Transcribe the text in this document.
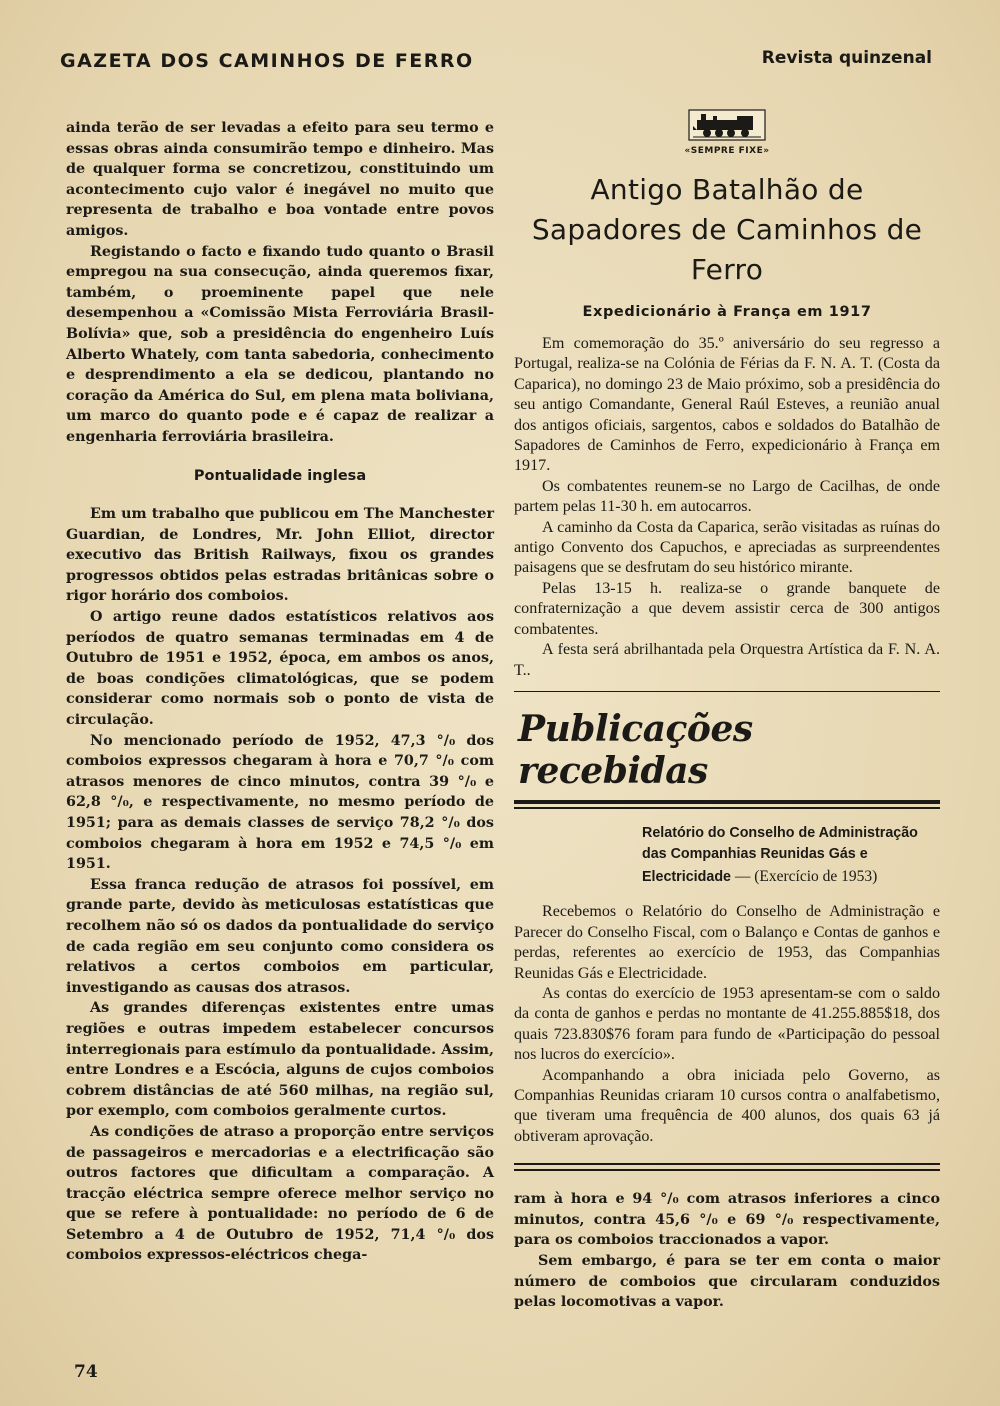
GAZETA DOS CAMINHOS DE FERRO	Revista quinzenal

ainda terão de ser levadas a efeito para seu termo e essas obras ainda consumirão tempo e dinheiro. Mas de qualquer forma se concretizou, constituindo um acontecimento cujo valor é inegável no muito que representa de trabalho e boa vontade entre povos amigos.

Registando o facto e fixando tudo quanto o Brasil empregou na sua consecução, ainda queremos fixar, também, o proeminente papel que nele desempenhou a «Comissão Mista Ferroviária Brasil-Bolívia» que, sob a presidência do engenheiro Luís Alberto Whately, com tanta sabedoria, conhecimento e desprendimento a ela se dedicou, plantando no coração da América do Sul, em plena mata boliviana, um marco do quanto pode e é capaz de realizar a engenharia ferroviária brasileira.

Pontualidade inglesa

Em um trabalho que publicou em The Manchester Guardian, de Londres, Mr. John Elliot, director executivo das British Railways, fixou os grandes progressos obtidos pelas estradas britânicas sobre o rigor horário dos comboios.

O artigo reune dados estatísticos relativos aos períodos de quatro semanas terminadas em 4 de Outubro de 1951 e 1952, época, em ambos os anos, de boas condições climatológicas, que se podem considerar como normais sob o ponto de vista de circulação.

No mencionado período de 1952, 47,3 °/₀ dos comboios expressos chegaram à hora e 70,7 °/₀ com atrasos menores de cinco minutos, contra 39 °/₀ e 62,8 °/₀, e respectivamente, no mesmo período de 1951; para as demais classes de serviço 78,2 °/₀ dos comboios chegaram à hora em 1952 e 74,5 °/₀ em 1951.

Essa franca redução de atrasos foi possível, em grande parte, devido às meticulosas estatísticas que recolhem não só os dados da pontualidade do serviço de cada região em seu conjunto como considera os relativos a certos comboios em particular, investigando as causas dos atrasos.

As grandes diferenças existentes entre umas regiões e outras impedem estabelecer concursos interregionais para estímulo da pontualidade. Assim, entre Londres e a Escócia, alguns de cujos comboios cobrem distâncias de até 560 milhas, na região sul, por exemplo, com comboios geralmente curtos.

As condições de atraso a proporção entre serviços de passageiros e mercadorias e a electrificação são outros factores que dificultam a comparação. A tracção eléctrica sempre oferece melhor serviço no que se refere à pontualidade: no período de 6 de Setembro a 4 de Outubro de 1952, 71,4 °/₀ dos comboios expressos-eléctricos chega-

«SEMPRE FIXE»
Antigo Batalhão de Sapadores de Caminhos de Ferro
Expedicionário à França em 1917

Em comemoração do 35.º aniversário do seu regresso a Portugal, realiza-se na Colónia de Férias da F. N. A. T. (Costa da Caparica), no domingo 23 de Maio próximo, sob a presidência do seu antigo Comandante, General Raúl Esteves, a reunião anual dos antigos oficiais, sargentos, cabos e soldados do Batalhão de Sapadores de Caminhos de Ferro, expedicionário à França em 1917.

Os combatentes reunem-se no Largo de Cacilhas, de onde partem pelas 11-30 h. em autocarros.

A caminho da Costa da Caparica, serão visitadas as ruínas do antigo Convento dos Capuchos, e apreciadas as surpreendentes paisagens que se desfrutam do seu histórico mirante.

Pelas 13-15 h. realiza-se o grande banquete de confraternização a que devem assistir cerca de 300 antigos combatentes.

A festa será abrilhantada pela Orquestra Artística da F. N. A. T..

Publicações recebidas
Relatório do Conselho de Administração das Companhias Reunidas Gás e Electricidade — (Exercício de 1953)

Recebemos o Relatório do Conselho de Administração e Parecer do Conselho Fiscal, com o Balanço e Contas de ganhos e perdas, referentes ao exercício de 1953, das Companhias Reunidas Gás e Electricidade.

As contas do exercício de 1953 apresentam-se com o saldo da conta de ganhos e perdas no montante de 41.255.885$18, dos quais 723.830$76 foram para fundo de «Participação do pessoal nos lucros do exercício».

Acompanhando a obra iniciada pelo Governo, as Companhias Reunidas criaram 10 cursos contra o analfabetismo, que tiveram uma frequência de 400 alunos, dos quais 63 já obtiveram aprovação.

ram à hora e 94 °/₀ com atrasos inferiores a cinco minutos, contra 45,6 °/₀ e 69 °/₀ respectivamente, para os comboios traccionados a vapor.

Sem embargo, é para se ter em conta o maior número de comboios que circularam conduzidos pelas locomotivas a vapor.

74
